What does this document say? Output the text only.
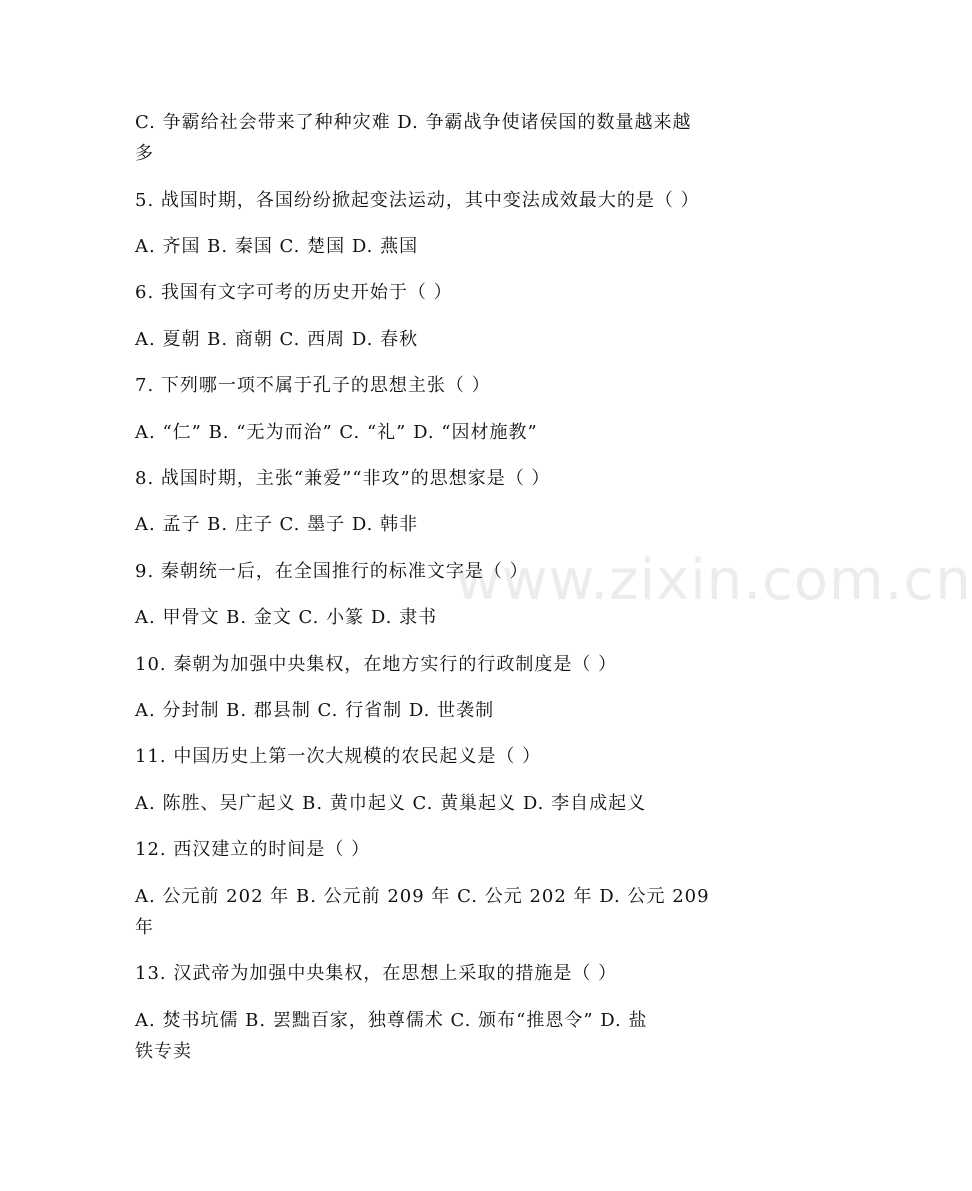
www.zixin.com.cn
C. 争霸给社会带来了种种灾难 D. 争霸战争使诸侯国的数量越来越
多
5. 战国时期，各国纷纷掀起变法运动，其中变法成效最大的是（ ）
A. 齐国 B. 秦国 C. 楚国 D. 燕国
6. 我国有文字可考的历史开始于（ ）
A. 夏朝 B. 商朝 C. 西周 D. 春秋
7. 下列哪一项不属于孔子的思想主张（ ）
A. “仁” B. “无为而治” C. “礼” D. “因材施教”
8. 战国时期，主张“兼爱”“非攻”的思想家是（ ）
A. 孟子 B. 庄子 C. 墨子 D. 韩非
9. 秦朝统一后，在全国推行的标准文字是（ ）
A. 甲骨文 B. 金文 C. 小篆 D. 隶书
10. 秦朝为加强中央集权，在地方实行的行政制度是（ ）
A. 分封制 B. 郡县制 C. 行省制 D. 世袭制
11. 中国历史上第一次大规模的农民起义是（ ）
A. 陈胜、吴广起义 B. 黄巾起义 C. 黄巢起义 D. 李自成起义
12. 西汉建立的时间是（ ）
A. 公元前 202 年 B. 公元前 209 年 C. 公元 202 年 D. 公元 209
年
13. 汉武帝为加强中央集权，在思想上采取的措施是（ ）
A. 焚书坑儒 B. 罢黜百家，独尊儒术 C. 颁布“推恩令” D. 盐
铁专卖
